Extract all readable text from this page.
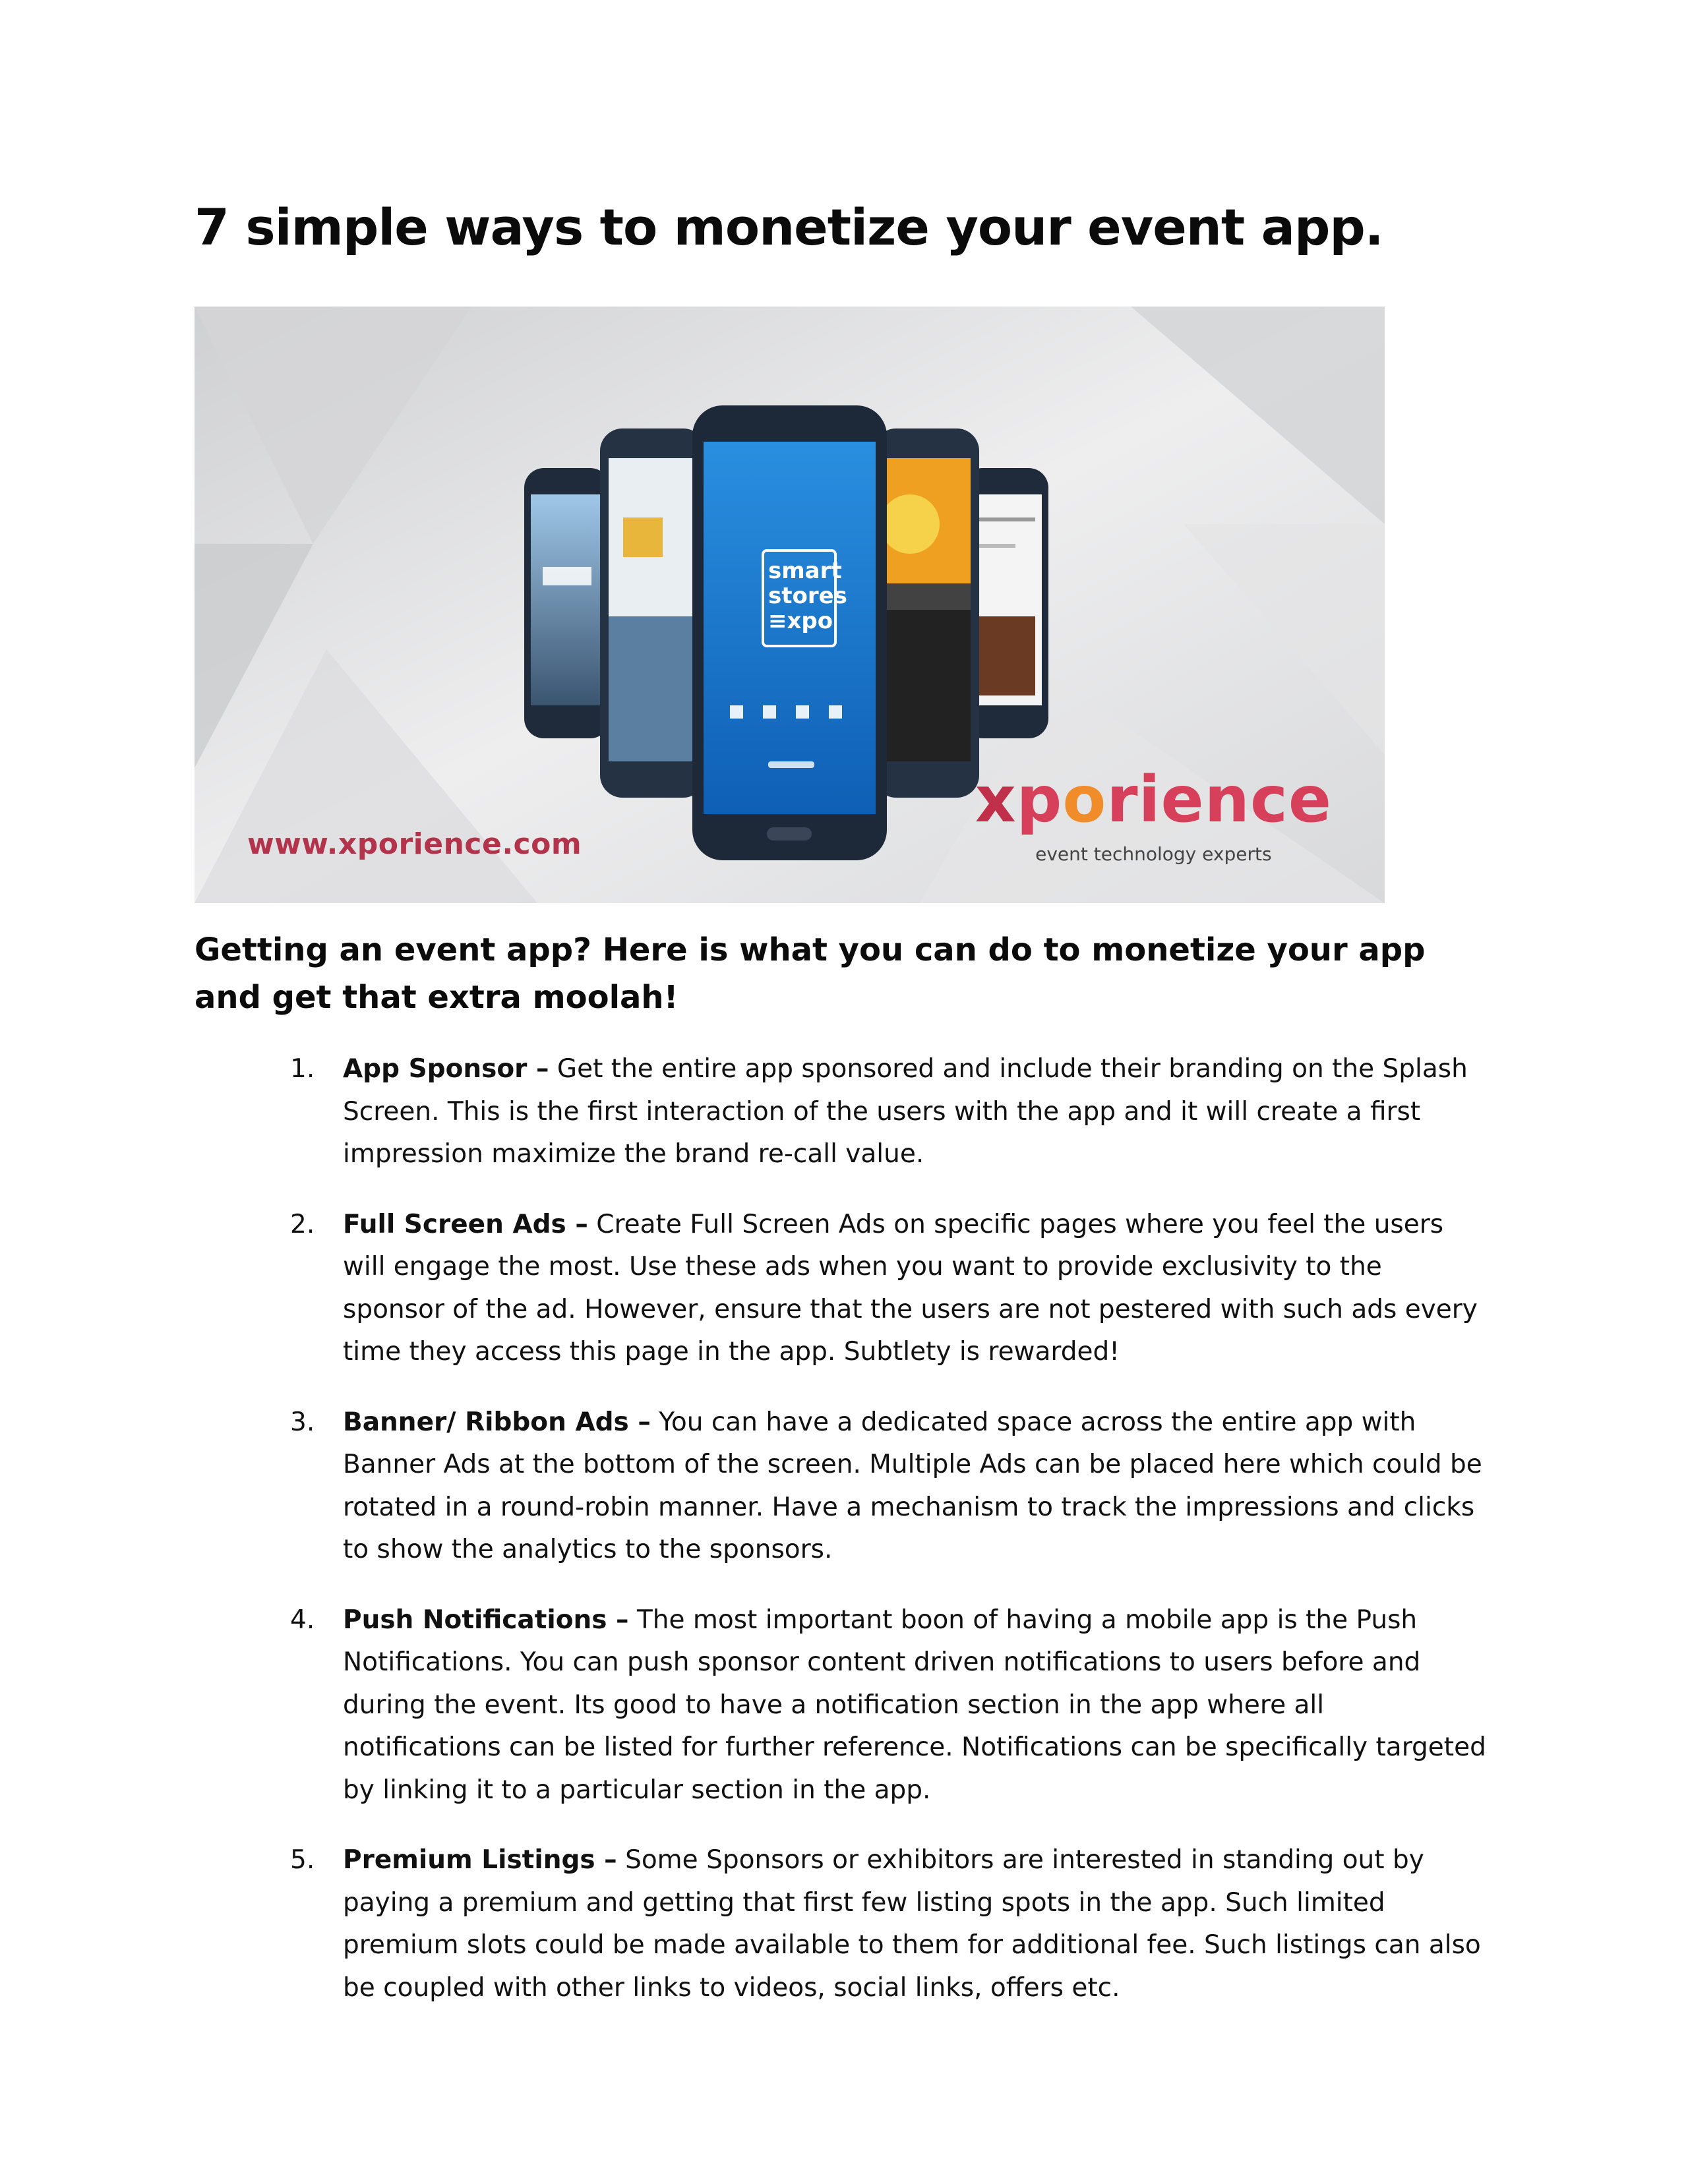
7 simple ways to monetize your event app.
smart
stores
≡xpo
www.xporience.com
xporience
event technology experts
Getting an event app? Here is what you can do to monetize your app and get that extra moolah!
1. App Sponsor – Get the entire app sponsored and include their branding on the Splash Screen. This is the first interaction of the users with the app and it will create a first impression maximize the brand re-call value.
2. Full Screen Ads – Create Full Screen Ads on specific pages where you feel the users will engage the most. Use these ads when you want to provide exclusivity to the sponsor of the ad. However, ensure that the users are not pestered with such ads every time they access this page in the app. Subtlety is rewarded!
3. Banner/ Ribbon Ads – You can have a dedicated space across the entire app with Banner Ads at the bottom of the screen. Multiple Ads can be placed here which could be rotated in a round-robin manner. Have a mechanism to track the impressions and clicks to show the analytics to the sponsors.
4. Push Notifications – The most important boon of having a mobile app is the Push Notifications. You can push sponsor content driven notifications to users before and during the event. Its good to have a notification section in the app where all notifications can be listed for further reference. Notifications can be specifically targeted by linking it to a particular section in the app.
5. Premium Listings – Some Sponsors or exhibitors are interested in standing out by paying a premium and getting that first few listing spots in the app. Such limited premium slots could be made available to them for additional fee. Such listings can also be coupled with other links to videos, social links, offers etc.
